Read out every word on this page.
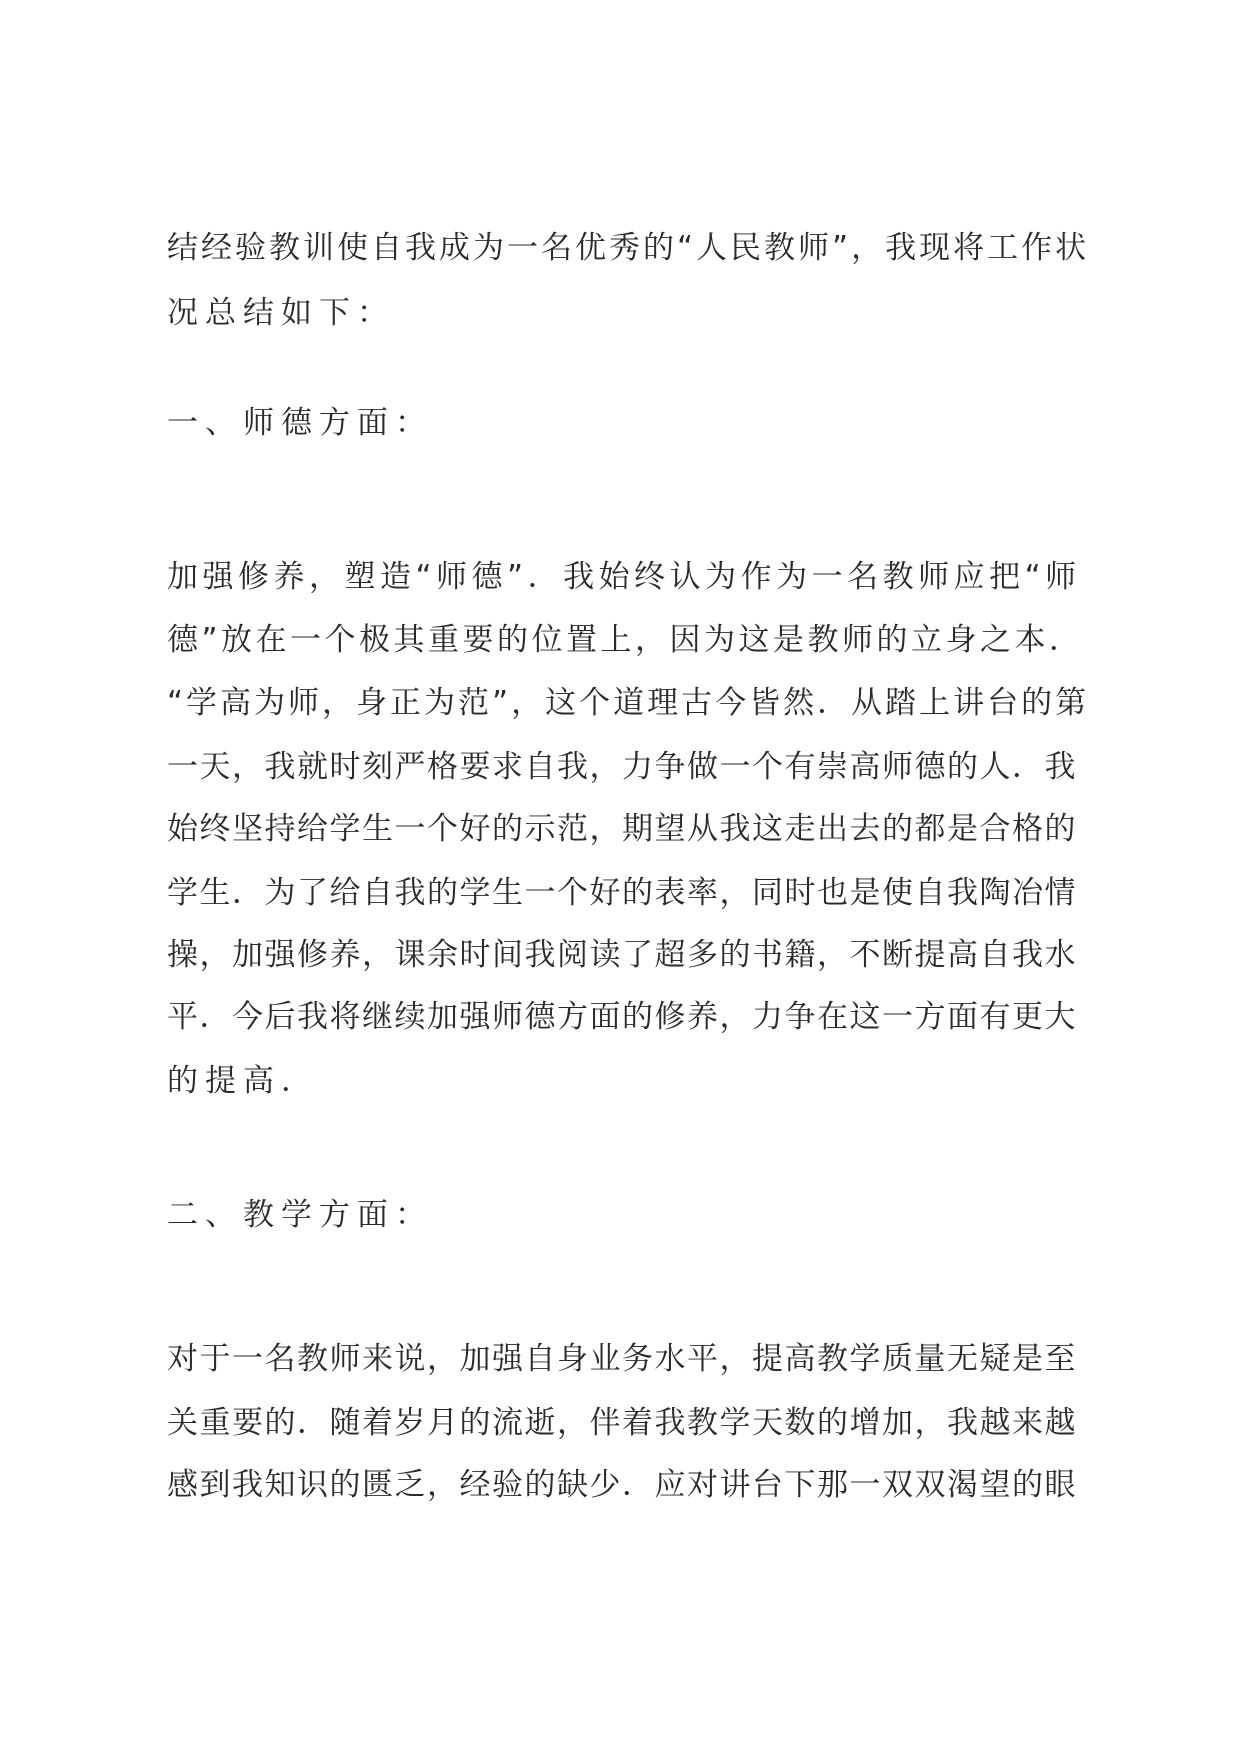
结经验教训使自我成为一名优秀的“人民教师”，我现将工作状
况总结如下：
一、师德方面：
加强修养，塑造“师德”．我始终认为作为一名教师应把“师
德”放在一个极其重要的位置上，因为这是教师的立身之本．
“学高为师，身正为范”，这个道理古今皆然．从踏上讲台的第
一天，我就时刻严格要求自我，力争做一个有崇高师德的人．我
始终坚持给学生一个好的示范，期望从我这走出去的都是合格的
学生．为了给自我的学生一个好的表率，同时也是使自我陶冶情
操，加强修养，课余时间我阅读了超多的书籍，不断提高自我水
平．今后我将继续加强师德方面的修养，力争在这一方面有更大
的提高．
二、教学方面：
对于一名教师来说，加强自身业务水平，提高教学质量无疑是至
关重要的．随着岁月的流逝，伴着我教学天数的增加，我越来越
感到我知识的匮乏，经验的缺少．应对讲台下那一双双渴望的眼
